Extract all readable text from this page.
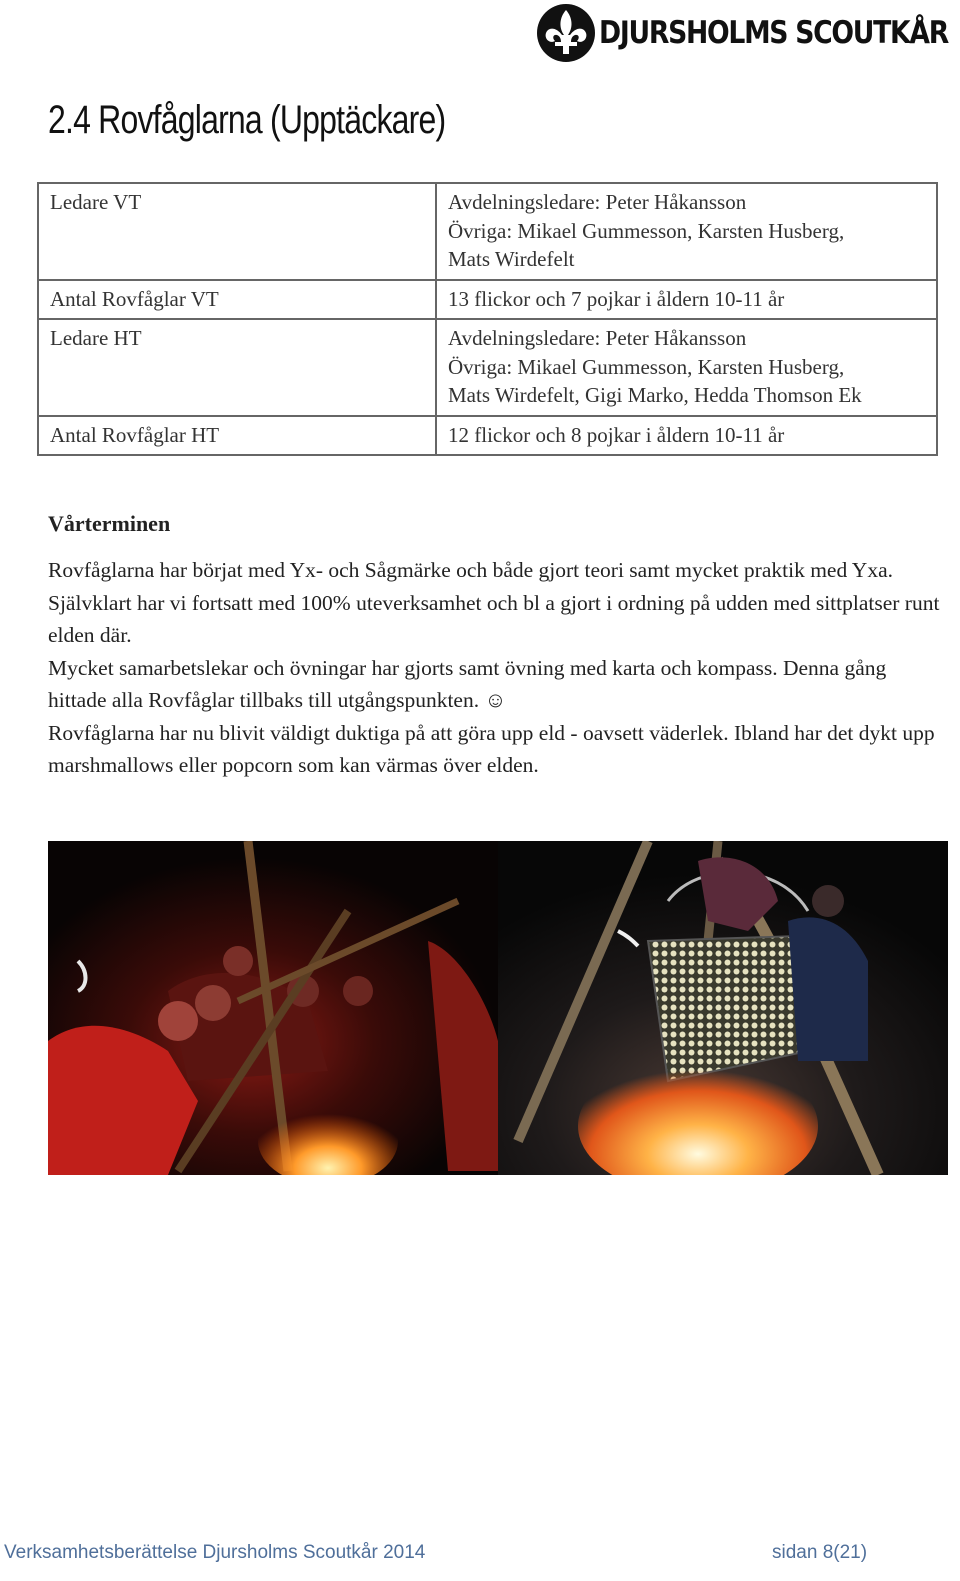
DJURSHOLMS SCOUTKÅR
2.4 Rovfåglarna (Upptäckare)
Ledare VT	Avdelningsledare: Peter Håkansson
Övriga: Mikael Gummesson, Karsten Husberg,
Mats Wirdefelt

Antal Rovfåglar VT	13 flickor och 7 pojkar i åldern 10-11 år

Ledare HT	Avdelningsledare: Peter Håkansson
Övriga: Mikael Gummesson, Karsten Husberg,
Mats Wirdefelt, Gigi Marko, Hedda Thomson Ek

Antal Rovfåglar HT	12 flickor och 8 pojkar i åldern 10-11 år
Vårterminen

Rovfåglarna har börjat med Yx- och Sågmärke och både gjort teori samt mycket praktik med Yxa.

Självklart har vi fortsatt med 100% uteverksamhet och bl a gjort i ordning på udden med sittplatser runt elden där.

Mycket samarbetslekar och övningar har gjorts samt övning med karta och kompass. Denna gång hittade alla Rovfåglar tillbaks till utgångspunkten. ☺

Rovfåglarna har nu blivit väldigt duktiga på att göra upp eld - oavsett väderlek. Ibland har det dykt upp marshmallows eller popcorn som kan värmas över elden.

Verksamhetsberättelse Djursholms Scoutkår 2014	sidan 8(21)
